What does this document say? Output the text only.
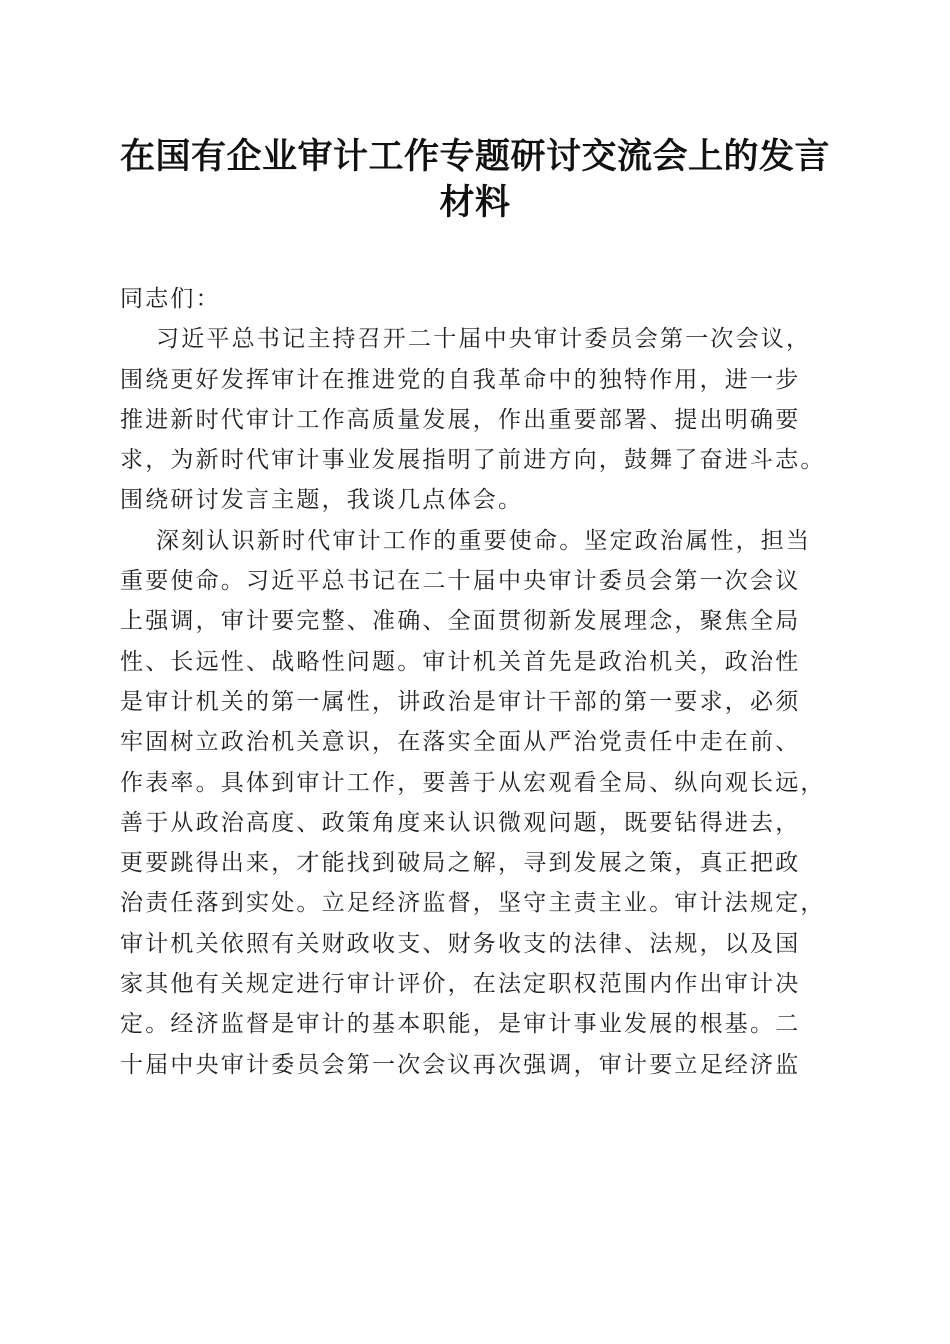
在国有企业审计工作专题研讨交流会上的发言
材料
同志们：
习近平总书记主持召开二十届中央审计委员会第一次会议，
围绕更好发挥审计在推进党的自我革命中的独特作用，进一步
推进新时代审计工作高质量发展，作出重要部署、提出明确要
求，为新时代审计事业发展指明了前进方向，鼓舞了奋进斗志。
围绕研讨发言主题，我谈几点体会。
深刻认识新时代审计工作的重要使命。坚定政治属性，担当
重要使命。习近平总书记在二十届中央审计委员会第一次会议
上强调，审计要完整、准确、全面贯彻新发展理念，聚焦全局
性、长远性、战略性问题。审计机关首先是政治机关，政治性
是审计机关的第一属性，讲政治是审计干部的第一要求，必须
牢固树立政治机关意识，在落实全面从严治党责任中走在前、
作表率。具体到审计工作，要善于从宏观看全局、纵向观长远，
善于从政治高度、政策角度来认识微观问题，既要钻得进去，
更要跳得出来，才能找到破局之解，寻到发展之策，真正把政
治责任落到实处。立足经济监督，坚守主责主业。审计法规定，
审计机关依照有关财政收支、财务收支的法律、法规，以及国
家其他有关规定进行审计评价，在法定职权范围内作出审计决
定。经济监督是审计的基本职能，是审计事业发展的根基。二
十届中央审计委员会第一次会议再次强调，审计要立足经济监
